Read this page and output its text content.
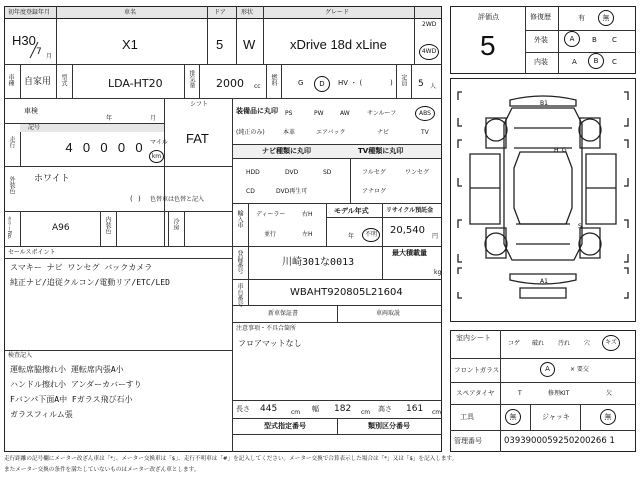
初年度登録年月	車名	ドア	形状	グレード
2WD
H30
7 月
X1	5 W	xDrive 18d xLine	4WD
車種 自家用 型式	LDA-HT20	排気量 2000 cc
燃料	G	D	HV ・ (	) 定員 5 人
車検
年	月
シフト
FAT
走行
記号
4 0 0 0 0	マイル
km
外装色 ホワイト
( ) 色替車は色替と記入
カラーNo.	A96	内装色	冷房
装備品に丸印
(純正のみ)
PS	PW	AW	サンルーフ	ABS
本革	エアバック	ナビ	TV
ナビ種類に丸印	TV種類に丸印
HDD	DVD	SD
CD	DVD再生可
フルセグ	ワンセグ
アナログ
輸入車 ディーラー
並行
右H
左H
モデル年式
年	不明
リサイクル預託金
20,540
円
最大積載量
kg
登録番号	川崎301な0013
車台番号	WBAHT920805L21604
新車保証書	車両取説
注意事項・不具合箇所
フロアマットなし
長さ 445 cm 幅 182 cm 高さ 161 cm
型式指定番号	類別区分番号
セールスポイント
スマキー ナビ ワンセグ バックカメラ
純正ナビ/追従クルコン/電動リア/ETC/LED
検査記入
運転席脇擦れ小 運転席内張A小
ハンドル擦れ小 アンダーカバーすり
Fバンパ下面A中 Fガラス飛び石小
ガラスフィルム張
評価点
5
修復歴	有	無
外装	A	B C
内装	A	B	C
B1
A1
H G
S
室内シート
コゲ 破れ 汚れ 穴	キズ
フロントガラス	A	× 要交
スペアタイヤ	T	修理KIT	欠
工具	無	ジャッキ	無
管理番号	0393900059250200266 1
走行距離の記号欄にメーター改ざん車は「*」、メーター交換車は「$」、走行不明車は「#」を記入してください。メーター交換で合算表示した場合は「*」又は「$」を記入します。
またメーター交換の条件を満たしていないものはメーター改ざん車とします。
